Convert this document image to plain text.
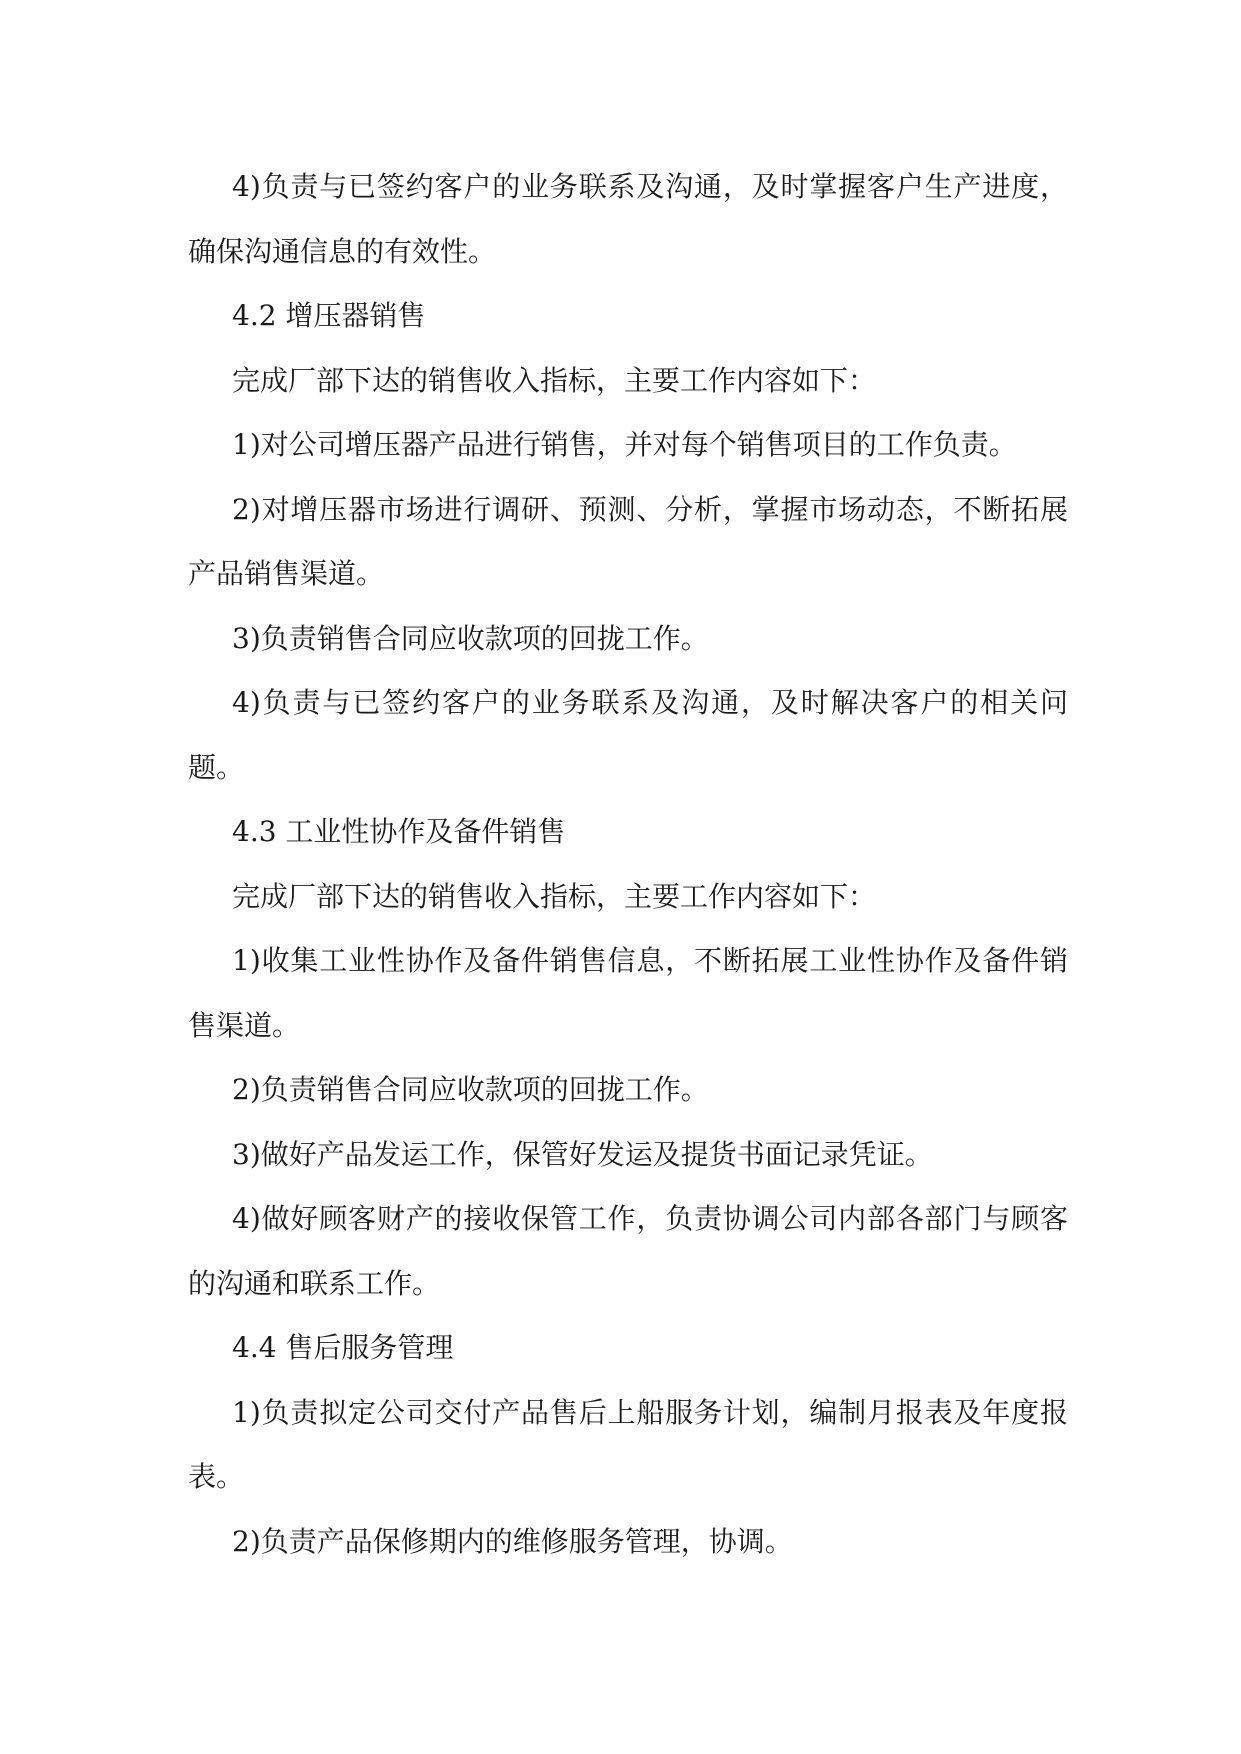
4)负责与已签约客户的业务联系及沟通，及时掌握客户生产进度，确保沟通信息的有效性。

4.2 增压器销售

完成厂部下达的销售收入指标，主要工作内容如下：

1)对公司增压器产品进行销售，并对每个销售项目的工作负责。

2)对增压器市场进行调研、预测、分析，掌握市场动态，不断拓展产品销售渠道。

3)负责销售合同应收款项的回拢工作。

4)负责与已签约客户的业务联系及沟通，及时解决客户的相关问题。

4.3 工业性协作及备件销售

完成厂部下达的销售收入指标，主要工作内容如下：

1)收集工业性协作及备件销售信息，不断拓展工业性协作及备件销售渠道。

2)负责销售合同应收款项的回拢工作。

3)做好产品发运工作，保管好发运及提货书面记录凭证。

4)做好顾客财产的接收保管工作，负责协调公司内部各部门与顾客的沟通和联系工作。

4.4 售后服务管理

1)负责拟定公司交付产品售后上船服务计划，编制月报表及年度报表。

2)负责产品保修期内的维修服务管理，协调。
